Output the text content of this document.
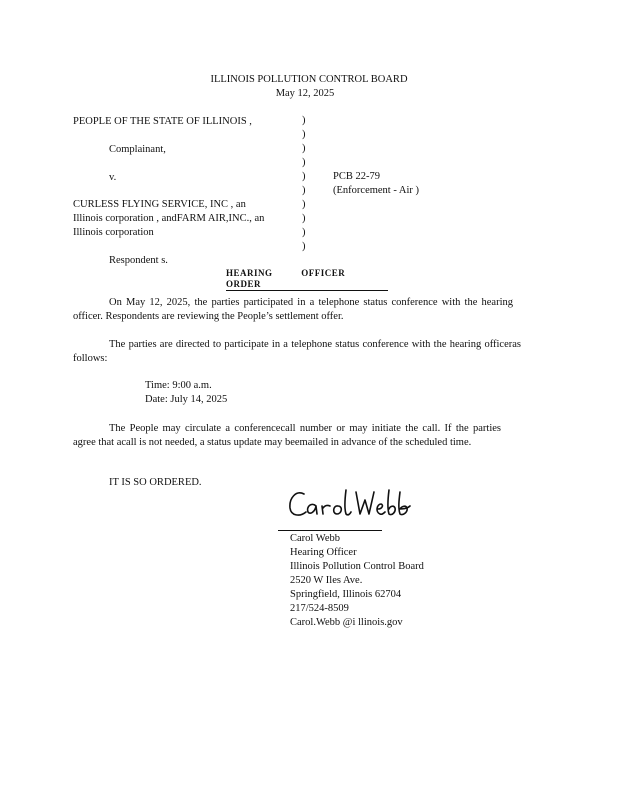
ILLINOIS POLLUTION CONTROL BOARD
May 12, 2025
PEOPLE OF THE STATE OF ILLINOIS ,
Complainant,
v.
CURLESS FLYING SERVICE, INC , an
Illinois corporation , andFARM AIR,INC., an
Illinois corporation
Respondent s.
)
)
)
)
)
)
)
)
)
)
PCB 22-79
(Enforcement - Air )
HEARING OFFICER ORDER
On May 12, 2025, the parties participated in a telephone status conference with the hearing officer. Respondents are reviewing the People’s settlement offer.
The parties are directed to participate in a telephone status conference with the hearing officeras follows:
Time: 9:00 a.m.
Date: July 14, 2025
The People may circulate a conferencecall number or may initiate the call. If the parties agree that acall is not needed, a status update may beemailed in advance of the scheduled time.
IT IS SO ORDERED.
Carol Webb
Hearing Officer
Illinois Pollution Control Board
2520 W Iles Ave.
Springfield, Illinois 62704
217/524-8509
Carol.Webb @i llinois.gov
